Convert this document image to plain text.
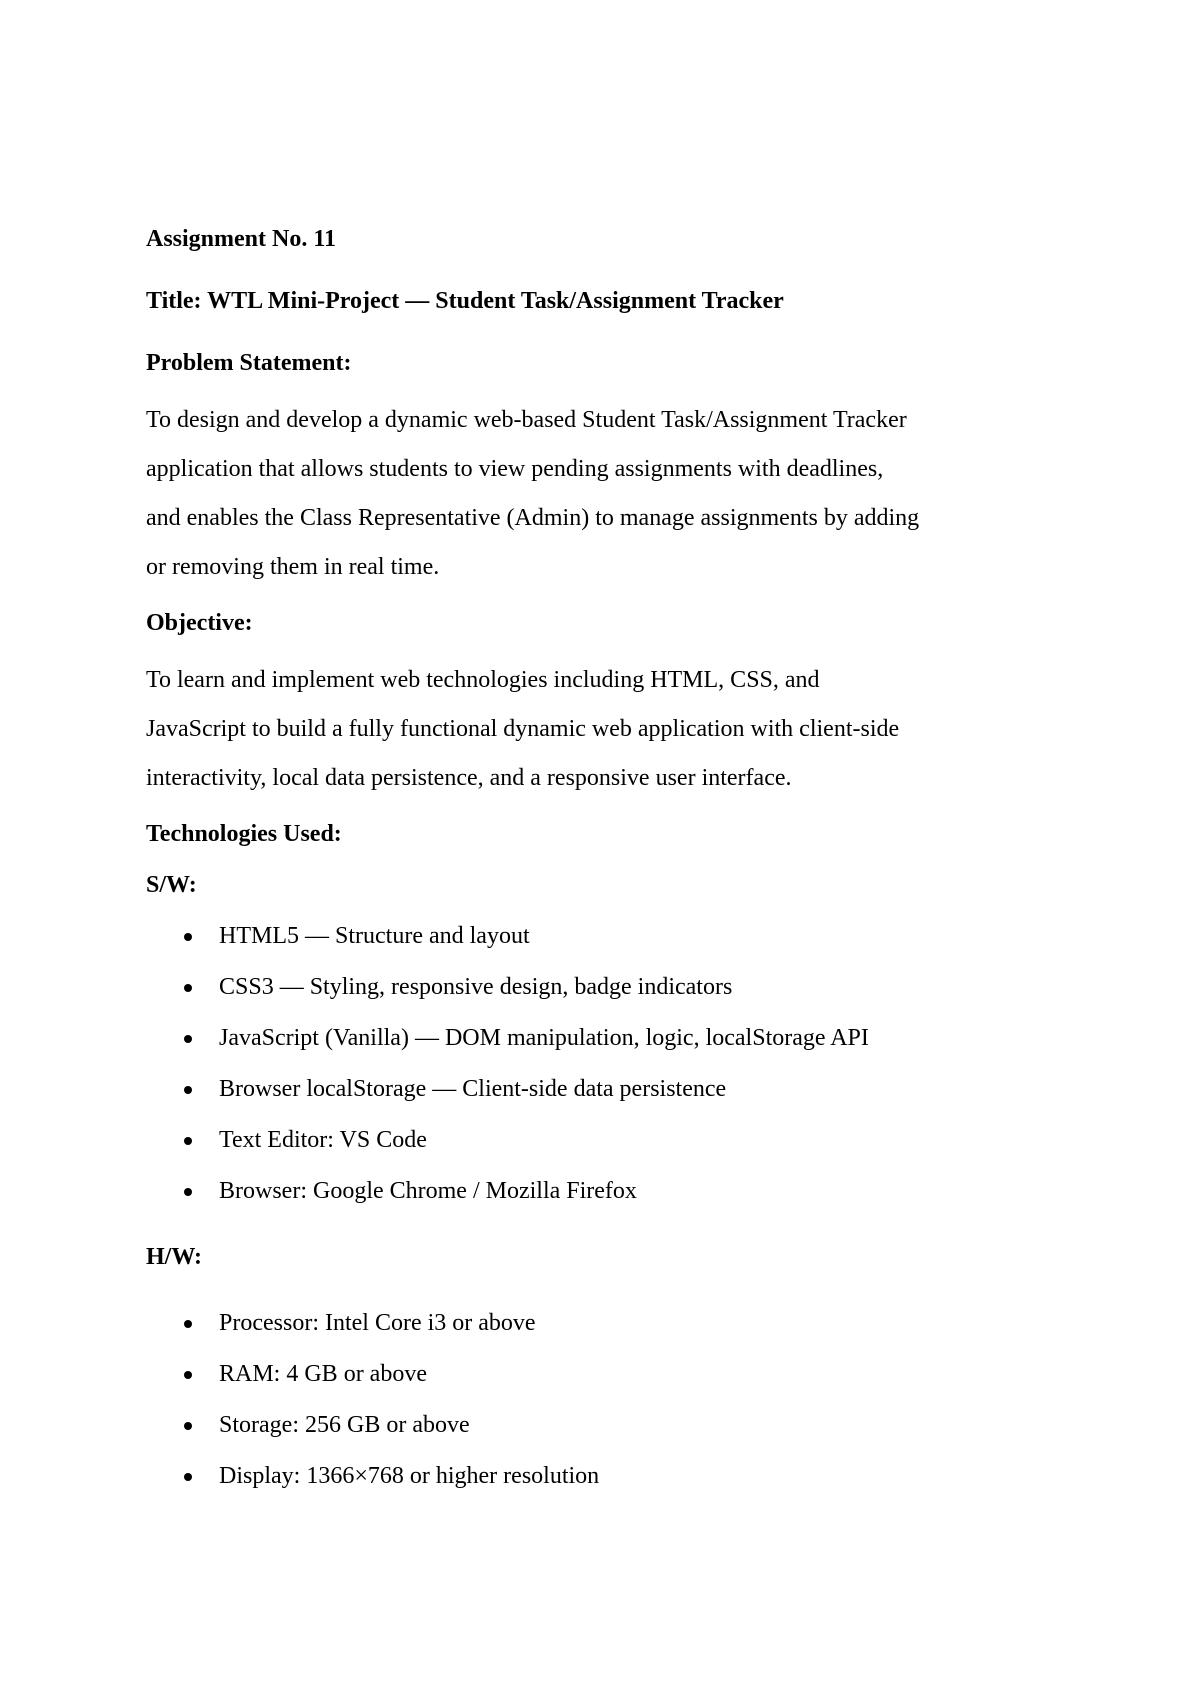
Assignment No. 11

Title: WTL Mini-Project — Student Task/Assignment Tracker

Problem Statement:

To design and develop a dynamic web-based Student Task/Assignment Tracker

application that allows students to view pending assignments with deadlines,

and enables the Class Representative (Admin) to manage assignments by adding

or removing them in real time.

Objective:

To learn and implement web technologies including HTML, CSS, and

JavaScript to build a fully functional dynamic web application with client-side

interactivity, local data persistence, and a responsive user interface.

Technologies Used:

S/W:

HTML5 — Structure and layout
CSS3 — Styling, responsive design, badge indicators
JavaScript (Vanilla) — DOM manipulation, logic, localStorage API
Browser localStorage — Client-side data persistence
Text Editor: VS Code
Browser: Google Chrome / Mozilla Firefox

H/W:

Processor: Intel Core i3 or above
RAM: 4 GB or above
Storage: 256 GB or above
Display: 1366×768 or higher resolution
